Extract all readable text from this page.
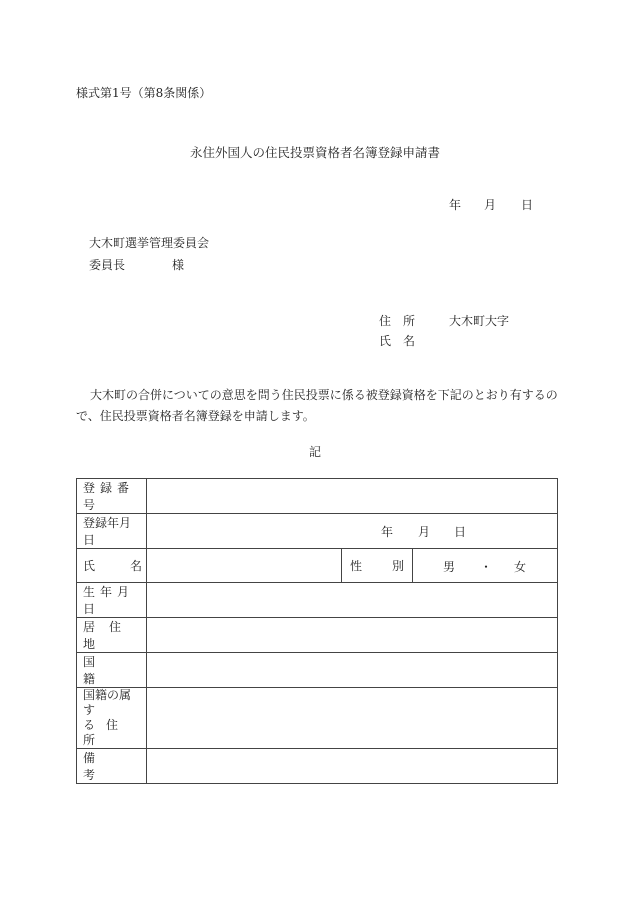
様式第1号（第8条関係）
永住外国人の住民投票資格者名簿登録申請書
年 月 日
大木町選挙管理委員会
委員長	様
住　所	大木町大字
氏　名
大木町の合併についての意思を問う住民投票に係る被登録資格を下記のとおり有するので、住民投票資格者名簿登録を申請します。
記
登録番号			

登録年月日	年 月 日		

氏 名		性 別	男 ・ 女

生年月日			

居住地			

国籍			

国籍の属す
る住所			

備考			
